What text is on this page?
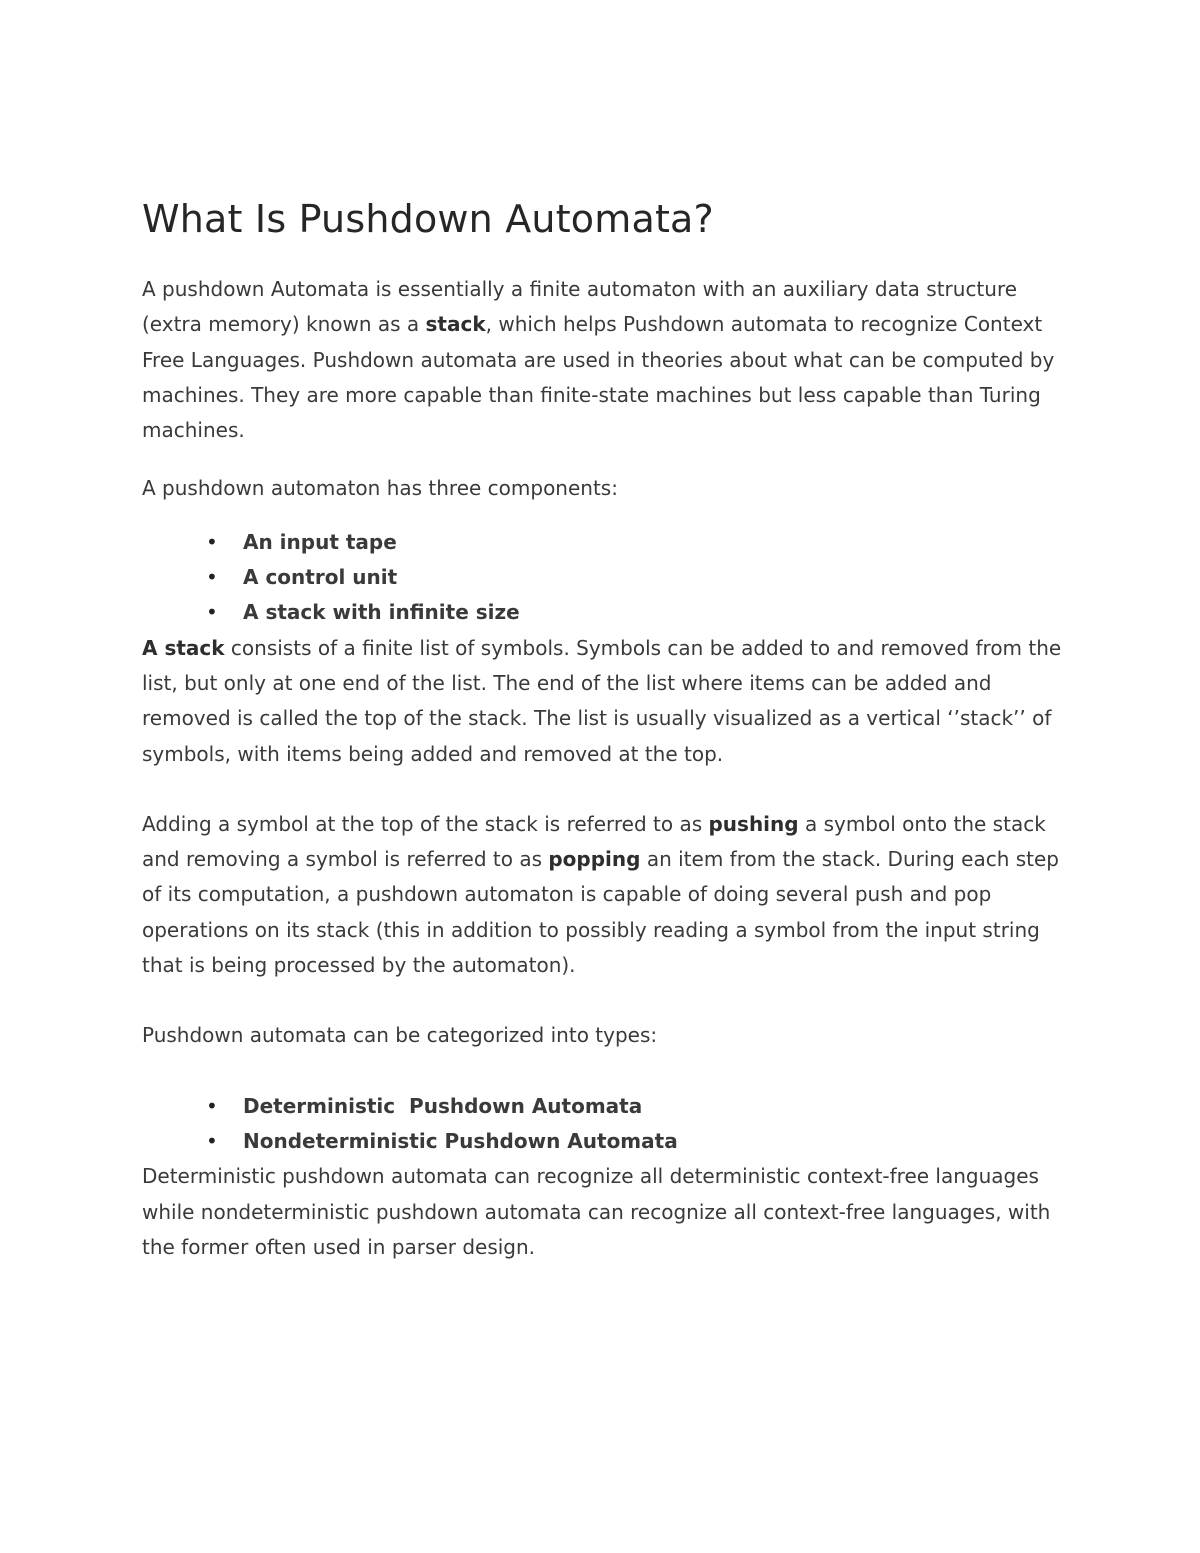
What Is Pushdown Automata?

A pushdown Automata is essentially a finite automaton with an auxiliary data structure (extra memory) known as a stack, which helps Pushdown automata to recognize Context Free Languages. Pushdown automata are used in theories about what can be computed by machines. They are more capable than finite-state machines but less capable than Turing machines.

A pushdown automaton has three components:

• An input tape
• A control unit
• A stack with infinite size

A stack consists of a finite list of symbols. Symbols can be added to and removed from the list, but only at one end of the list. The end of the list where items can be added and removed is called the top of the stack. The list is usually visualized as a vertical ‘’stack’’ of symbols, with items being added and removed at the top.

Adding a symbol at the top of the stack is referred to as pushing a symbol onto the stack and removing a symbol is referred to as popping an item from the stack. During each step of its computation, a pushdown automaton is capable of doing several push and pop operations on its stack (this in addition to possibly reading a symbol from the input string that is being processed by the automaton).

Pushdown automata can be categorized into types:

• Deterministic  Pushdown Automata
• Nondeterministic Pushdown Automata

Deterministic pushdown automata can recognize all deterministic context-free languages while nondeterministic pushdown automata can recognize all context-free languages, with the former often used in parser design.
